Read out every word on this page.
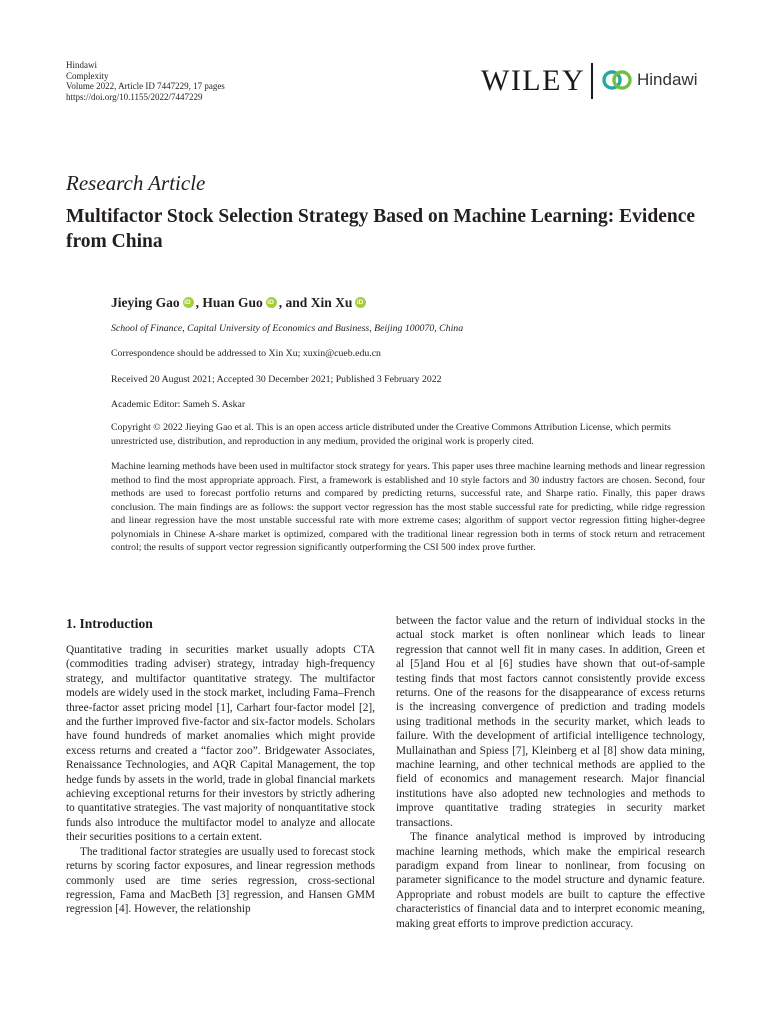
Hindawi
Complexity
Volume 2022, Article ID 7447229, 17 pages
https://doi.org/10.1155/2022/7447229	WILEY	Hindawi
Research Article
Multifactor Stock Selection Strategy Based on Machine Learning: Evidence from China
Jieying Gao iD , Huan Guo iD , and Xin XuiD
School of Finance, Capital University of Economics and Business, Beijing 100070, China
Correspondence should be addressed to Xin Xu; xuxin@cueb.edu.cn
Received 20 August 2021; Accepted 30 December 2021; Published 3 February 2022
Academic Editor: Sameh S. Askar
Copyright © 2022 Jieying Gao et al. This is an open access article distributed under the Creative Commons Attribution License, which permits unrestricted use, distribution, and reproduction in any medium, provided the original work is properly cited.
Machine learning methods have been used in multifactor stock strategy for years. This paper uses three machine learning methods and linear regression method to find the most appropriate approach. First, a framework is established and 10 style factors and 30 industry factors are chosen. Second, four methods are used to forecast portfolio returns and compared by predicting returns, successful rate, and Sharpe ratio. Finally, this paper draws conclusion. The main findings are as follows: the support vector regression has the most stable successful rate for predicting, while ridge regression and linear regression have the most unstable successful rate with more extreme cases; algorithm of support vector regression fitting higher-degree polynomials in Chinese A-share market is optimized, compared with the traditional linear regression both in terms of stock return and retracement control; the results of support vector regression significantly outperforming the CSI 500 index prove further.
1. Introduction

Quantitative trading in securities market usually adopts CTA (commodities trading adviser) strategy, intraday high-frequency strategy, and multifactor quantitative strategy. The multifactor models are widely used in the stock market, including Fama–French three-factor asset pricing model [1], Carhart four-factor model [2], and the further improved five-factor and six-factor models. Scholars have found hundreds of market anomalies which might provide excess returns and created a “factor zoo”. Bridgewater Associates, Renaissance Technologies, and AQR Capital Management, the top hedge funds by assets in the world, trade in global financial markets achieving exceptional returns for their investors by strictly adhering to quantitative strategies. The vast majority of nonquantitative stock funds also introduce the multifactor model to analyze and allocate their securities positions to a certain extent.

The traditional factor strategies are usually used to forecast stock returns by scoring factor exposures, and linear regression methods commonly used are time series regression, cross-sectional regression, Fama and MacBeth [3] regression, and Hansen GMM regression [4]. However, the relationship

between the factor value and the return of individual stocks in the actual stock market is often nonlinear which leads to linear regression that cannot well fit in many cases. In addition, Green et al [5]and Hou et al [6] studies have shown that out-of-sample testing finds that most factors cannot consistently provide excess returns. One of the reasons for the disappearance of excess returns is the increasing convergence of prediction and trading models using traditional methods in the security market, which leads to failure. With the development of artificial intelligence technology, Mullainathan and Spiess [7], Kleinberg et al [8] show data mining, machine learning, and other technical methods are applied to the field of economics and management research. Major financial institutions have also adopted new technologies and methods to improve quantitative trading strategies in security market transactions.

The finance analytical method is improved by introducing machine learning methods, which make the empirical research paradigm expand from linear to nonlinear, from focusing on parameter significance to the model structure and dynamic feature. Appropriate and robust models are built to capture the effective characteristics of financial data and to interpret economic meaning, making great efforts to improve prediction accuracy.
